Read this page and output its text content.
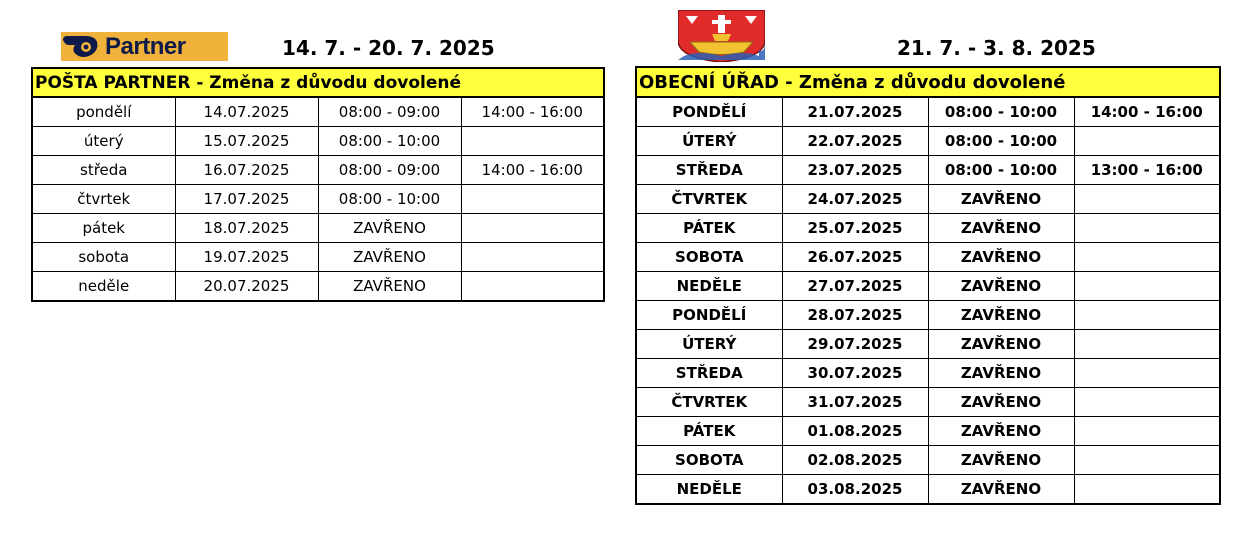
Partner	14. 7. - 20. 7. 2025	21. 7. - 3. 8. 2025
POŠTA PARTNER - Změna z důvodu dovolené			
pondělí	14.07.2025	08:00 - 09:00	14:00 - 16:00
úterý	15.07.2025	08:00 - 10:00	
středa	16.07.2025	08:00 - 09:00	14:00 - 16:00
čtvrtek	17.07.2025	08:00 - 10:00	
pátek	18.07.2025	ZAVŘENO	
sobota	19.07.2025	ZAVŘENO	
neděle	20.07.2025	ZAVŘENO	
OBECNÍ ÚŘAD - Změna z důvodu dovolené			
PONDĚLÍ	21.07.2025	08:00 - 10:00	14:00 - 16:00
ÚTERÝ	22.07.2025	08:00 - 10:00	
STŘEDA	23.07.2025	08:00 - 10:00	13:00 - 16:00
ČTVRTEK	24.07.2025	ZAVŘENO	
PÁTEK	25.07.2025	ZAVŘENO	
SOBOTA	26.07.2025	ZAVŘENO	
NEDĚLE	27.07.2025	ZAVŘENO	
PONDĚLÍ	28.07.2025	ZAVŘENO	
ÚTERÝ	29.07.2025	ZAVŘENO	
STŘEDA	30.07.2025	ZAVŘENO	
ČTVRTEK	31.07.2025	ZAVŘENO	
PÁTEK	01.08.2025	ZAVŘENO	
SOBOTA	02.08.2025	ZAVŘENO	
NEDĚLE	03.08.2025	ZAVŘENO	
